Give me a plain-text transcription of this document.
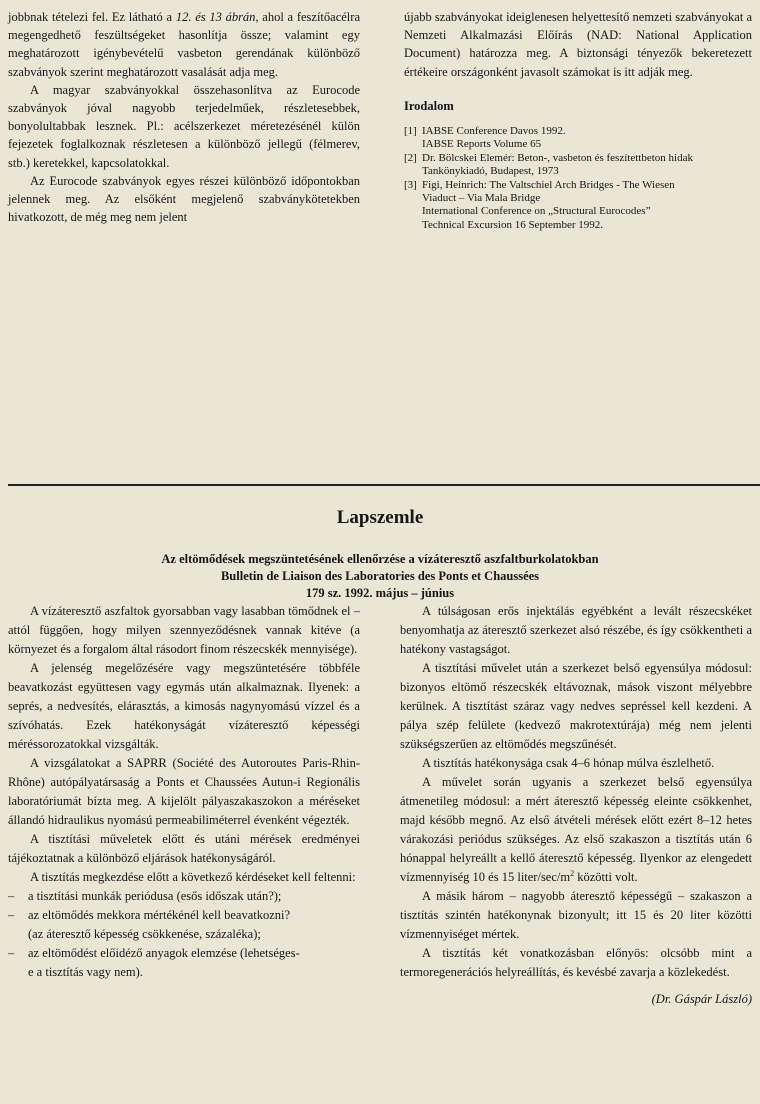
jobbnak tételezi fel. Ez látható a 12. és 13 ábrán, ahol a feszítőacélra megengedhető feszültségeket hasonlítja össze; valamint egy meghatározott igénybevételű vasbeton gerendának különböző szabványok szerint meghatározott vasalását adja meg.

A magyar szabványokkal összehasonlítva az Eurocode szabványok jóval nagyobb terjedelműek, részletesebbek, bonyolultabbak lesznek. Pl.: acélszerkezet méretezésénél külön fejezetek foglalkoznak részletesen a különböző jellegű (félmerev, stb.) keretekkel, kapcsolatokkal.

Az Eurocode szabványok egyes részei különböző időpontokban jelennek meg. Az elsőként megjelenő szabványkötetekben hivatkozott, de még meg nem jelent

újabb szabványokat ideiglenesen helyettesítő nemzeti szabványokat a Nemzeti Alkalmazási Előírás (NAD: National Application Document) határozza meg. A biztonsági tényezők bekeretezett értékeire országonként javasolt számokat is itt adják meg.

Irodalom
[1] IABSE Conference Davos 1992.
IABSE Reports Volume 65
[2] Dr. Bölcskei Elemér: Beton-, vasbeton és feszítettbeton hidak
Tankönykiadó, Budapest, 1973
[3] Figi, Heinrich: The Valtschiel Arch Bridges - The Wiesen
Viaduct – Via Mala Bridge
International Conference on „Structural Eurocodes”
Technical Excursion 16 September 1992.
Lapszemle
Az eltömődések megszüntetésének ellenőrzése a vízáteresztő aszfaltburkolatokban
Bulletin de Liaison des Laboratories des Ponts et Chaussées
179 sz. 1992. május – június

A vízáteresztő aszfaltok gyorsabban vagy lasabban tömődnek el – attól függően, hogy milyen szennyeződésnek vannak kitéve (a környezet és a forgalom által rásodort finom részecskék mennyisége).

A jelenség megelőzésére vagy megszüntetésére többféle beavatkozást együttesen vagy egymás után alkalmaznak. Ilyenek: a seprés, a nedvesítés, elárasztás, a kimosás nagynyomású vízzel és a szívóhatás. Ezek hatékonyságát vízáteresztő képességi méréssorozatokkal vizsgálták.

A vizsgálatokat a SAPRR (Société des Autoroutes Paris-Rhin-Rhône) autópályatársaság a Ponts et Chaussées Autun-i Regionális laboratóriumát bízta meg. A kijelölt pályaszakaszokon a méréseket állandó hidraulikus nyomású permeabiliméterrel évenként végezték.

A tisztítási műveletek előtt és utáni mérések eredményei tájékoztatnak a különböző eljárások hatékonyságáról.

A tisztítás megkezdése előtt a következő kérdéseket kell feltenni:

–	a tisztítási munkák periódusa (esős időszak után?);
–	az eltömődés mekkora mértékénél kell beavatkozni?
(az áteresztő képesség csökkenése, százaléka);
–	az eltömődést előidéző anyagok elemzése (lehetséges-
e a tisztítás vagy nem).

A túlságosan erős injektálás egyébként a levált részecskéket benyomhatja az áteresztő szerkezet alsó részébe, és így csökkentheti a hatékony vastagságot.

A tisztítási művelet után a szerkezet belső egyensúlya módosul: bizonyos eltömő részecskék eltávoznak, mások viszont mélyebbre kerülnek. A tisztítást száraz vagy nedves sepréssel kell kezdeni. A pálya szép felülete (kedvező makrotextúrája) még nem jelenti szükségszerűen az eltömődés megszűnését.

A tisztítás hatékonysága csak 4–6 hónap múlva észlelhető.

A művelet során ugyanis a szerkezet belső egyensúlya átmenetileg módosul: a mért áteresztő képesség eleinte csökkenhet, majd később megnő. Az első átvételi mérések előtt ezért 8–12 hetes várakozási periódus szükséges. Az első szakaszon a tisztítás után 6 hónappal helyreállt a kellő áteresztő képesség. Ilyenkor az elengedett vízmennyiség 10 és 15 liter/$\sec/m^2$ közötti volt.

A másik három – nagyobb áteresztő képességű – szakaszon a tisztítás szintén hatékonynak bizonyult; itt 15 és 20 liter közötti vízmennyiséget mértek.

A tisztítás két vonatkozásban előnyös: olcsóbb mint a termoregenerációs helyreállítás, és kevésbé zavarja a közlekedést.

(Dr. Gáspár László)
